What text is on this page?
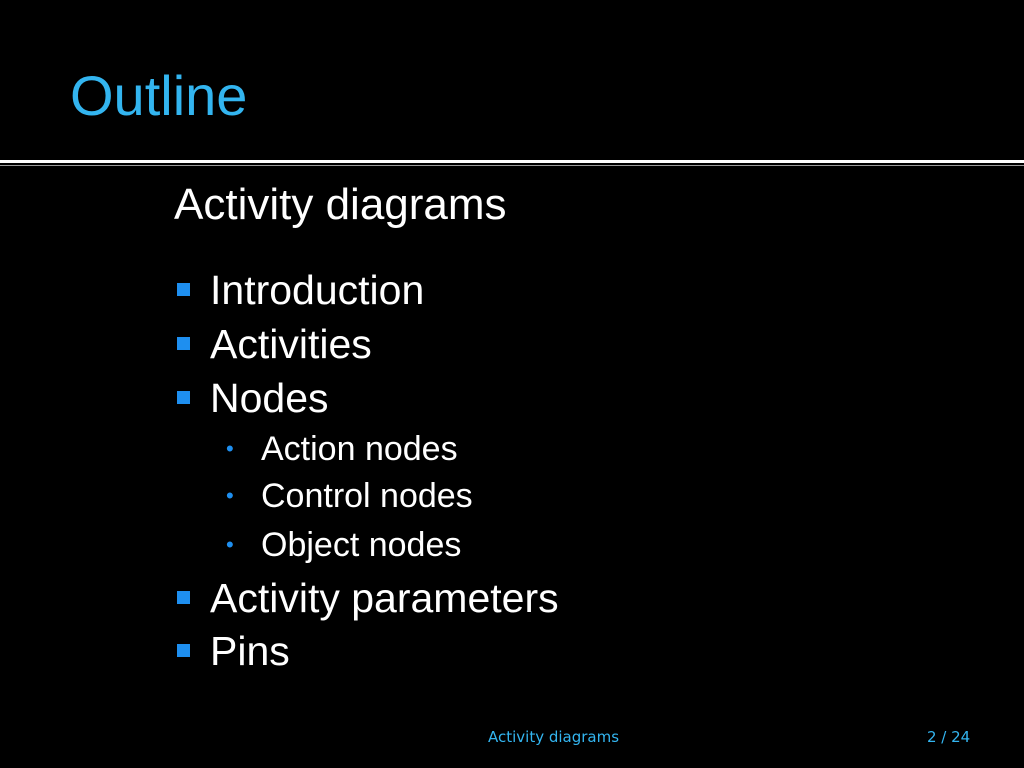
Outline
Activity diagrams
Introduction
Activities
Nodes
• Action nodes
• Control nodes
• Object nodes
Activity parameters
Pins
Activity diagrams	2 / 24
